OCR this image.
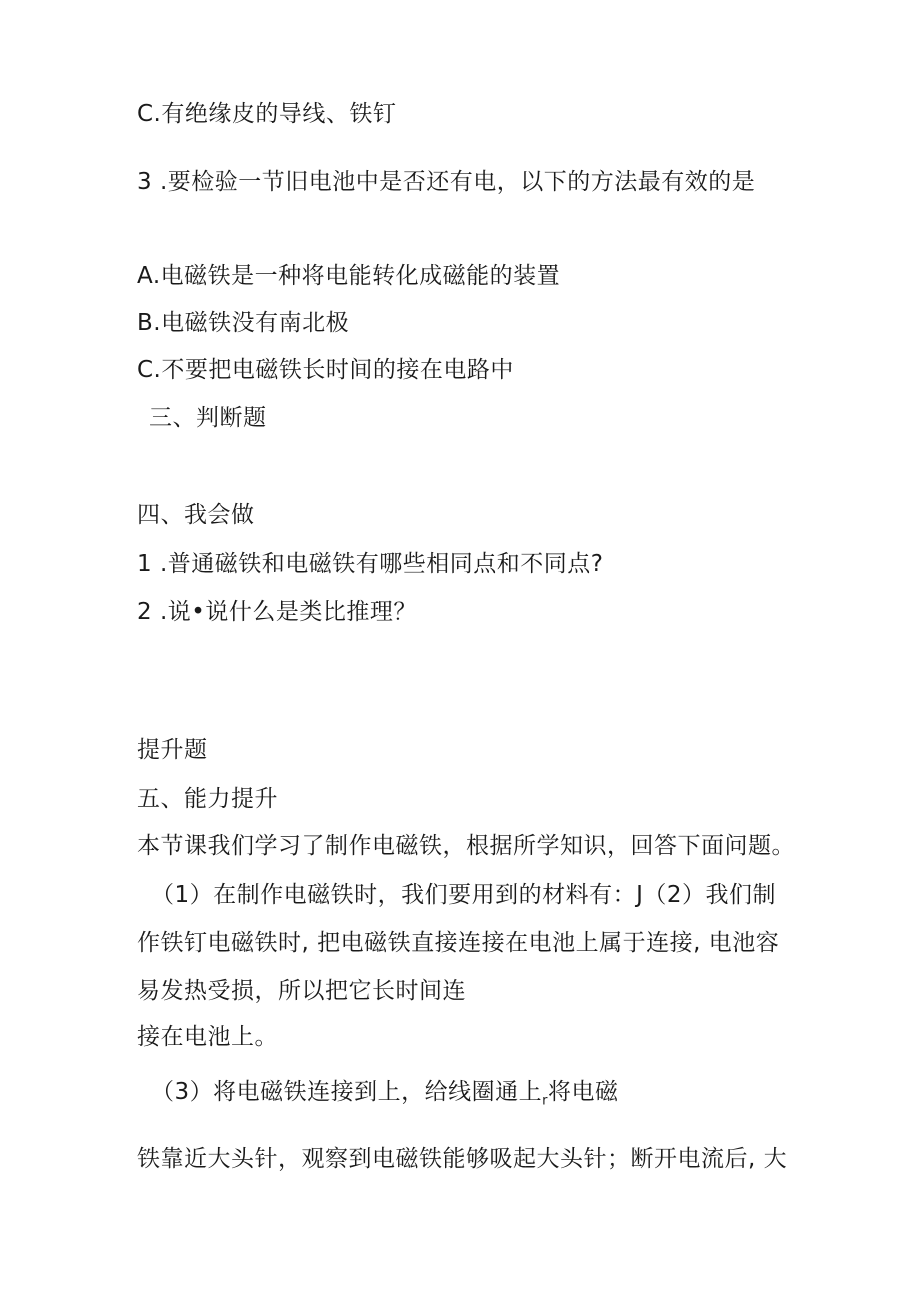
C.有绝缘皮的导线、铁钉
3 .要检验一节旧电池中是否还有电，以下的方法最有效的是
A.电磁铁是一种将电能转化成磁能的装置
B.电磁铁没有南北极
C.不要把电磁铁长时间的接在电路中
三、判断题
四、我会做
1 .普通磁铁和电磁铁有哪些相同点和不同点?
2 .说•说什么是类比推理？
提升题
五、能力提升
本节课我们学习了制作电磁铁，根据所学知识，回答下面问题。
（1）在制作电磁铁时，我们要用到的材料有：J（2）我们制
作铁钉电磁铁时, 把电磁铁直接连接在电池上属于连接, 电池容
易发热受损，所以把它长时间连
接在电池上。
（3）将电磁铁连接到上，给线圈通上$_r$将电磁
铁靠近大头针，观察到电磁铁能够吸起大头针；断开电流后, 大
